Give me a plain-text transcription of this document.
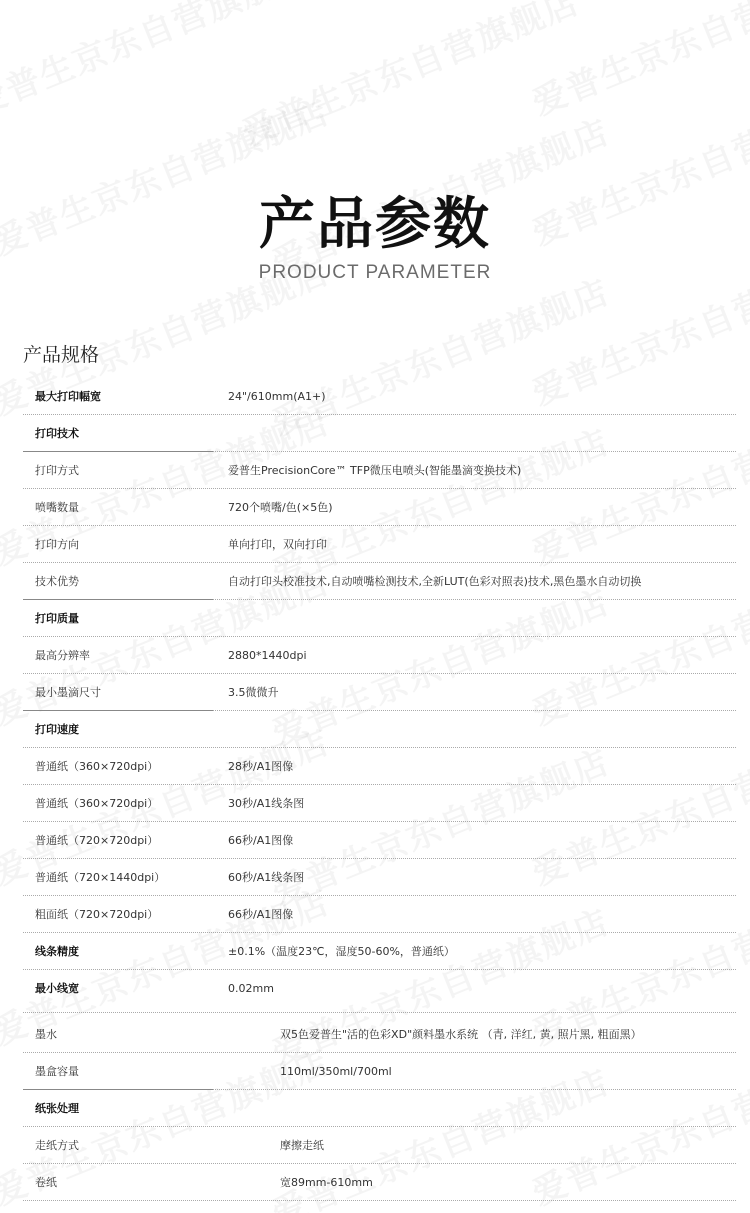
产品参数
PRODUCT PARAMETER
产品规格
最大打印幅宽	24"/610mm(A1+)
打印技术
打印方式	爱普生PrecisionCore™ TFP微压电喷头(智能墨滴变换技术)
喷嘴数量	720个喷嘴/色(×5色)
打印方向	单向打印，双向打印
技术优势	自动打印头校准技术,自动喷嘴检测技术,全新LUT(色彩对照表)技术,黑色墨水自动切换
打印质量
最高分辨率	2880*1440dpi
最小墨滴尺寸	3.5微微升
打印速度
普通纸（360×720dpi）	28秒/A1图像
普通纸（360×720dpi）	30秒/A1线条图
普通纸（720×720dpi）	66秒/A1图像
普通纸（720×1440dpi）	60秒/A1线条图
粗面纸（720×720dpi）	66秒/A1图像
线条精度	±0.1%（温度23℃，湿度50-60%，普通纸）
最小线宽	0.02mm
墨水	双5色爱普生"活的色彩XD"颜料墨水系统 （青, 洋红, 黄, 照片黑, 粗面黑）
墨盒容量	110ml/350ml/700ml
纸张处理
走纸方式	摩擦走纸
卷纸	宽89mm-610mm
